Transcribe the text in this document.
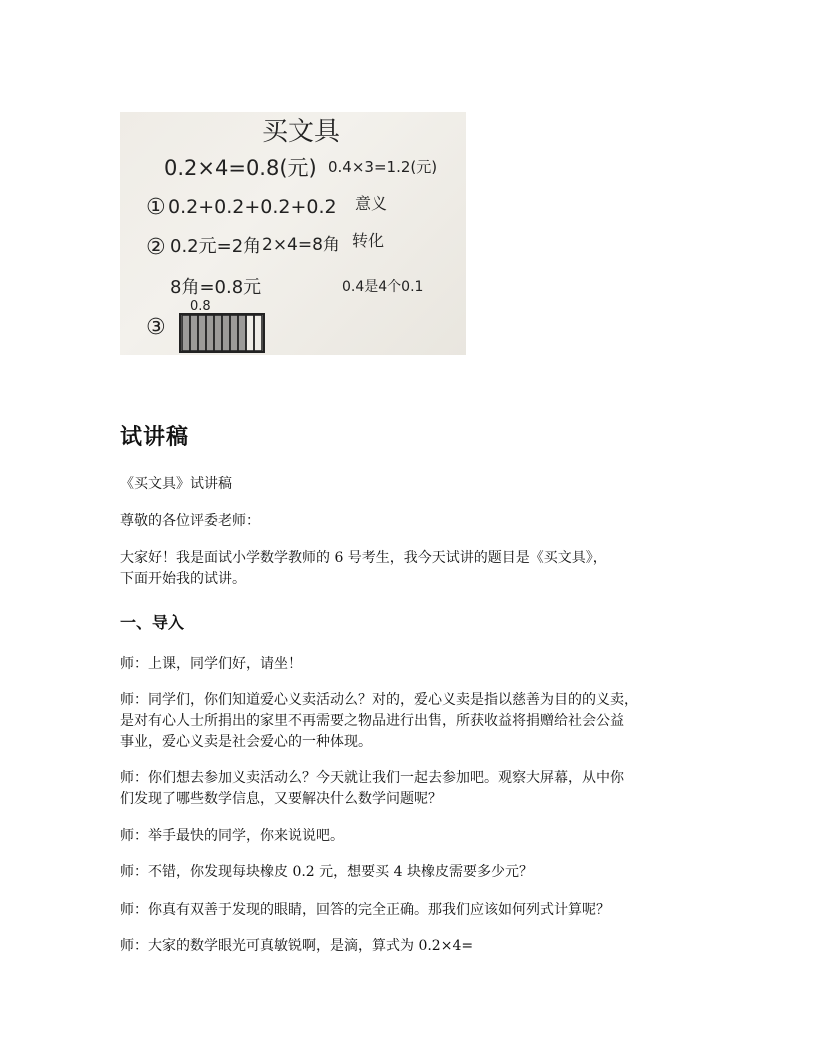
买文具
0.2×4=0.8(元) 0.4×3=1.2(元)
① 0.2+0.2+0.2+0.2 意义
② 0.2元=2角 2×4=8角 转化
8角=0.8元	0.4是4个0.1
0.8
③
试讲稿

《买文具》试讲稿

尊敬的各位评委老师：

大家好！我是面试小学数学教师的 6 号考生，我今天试讲的题目是《买文具》，
下面开始我的试讲。

一、导入

师：上课，同学们好，请坐！

师：同学们，你们知道爱心义卖活动么？对的，爱心义卖是指以慈善为目的的义卖，
是对有心人士所捐出的家里不再需要之物品进行出售，所获收益将捐赠给社会公益
事业，爱心义卖是社会爱心的一种体现。

师：你们想去参加义卖活动么？今天就让我们一起去参加吧。观察大屏幕，从中你
们发现了哪些数学信息，又要解决什么数学问题呢？

师：举手最快的同学，你来说说吧。

师：不错，你发现每块橡皮 0.2 元，想要买 4 块橡皮需要多少元？

师：你真有双善于发现的眼睛，回答的完全正确。那我们应该如何列式计算呢？

师：大家的数学眼光可真敏锐啊，是滴，算式为 0.2×4=
